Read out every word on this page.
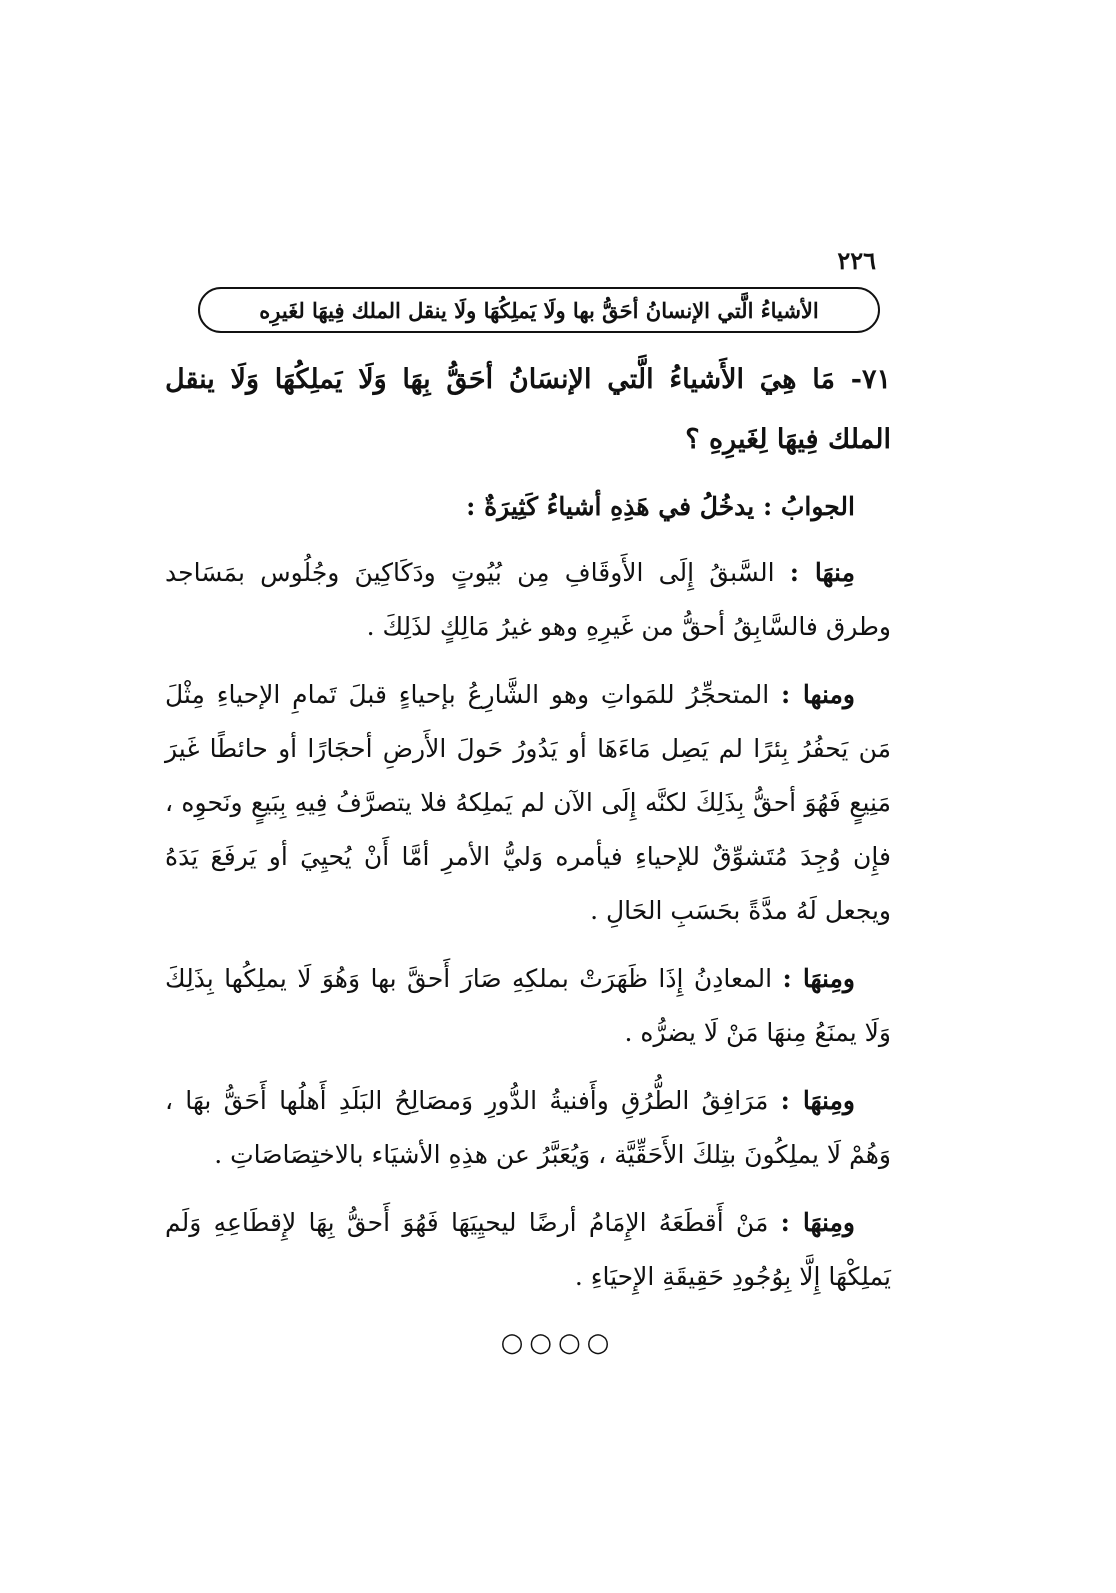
٢٢٦
الأشياءُ الَّتي الإنسانُ أحَقُّ بها ولَا يَملِكُهَا ولَا ينقل الملك فِيهَا لغَيرِه

٧١- مَا هِيَ الأَشياءُ الَّتي الإنسَانُ أحَقُّ بِهَا وَلَا يَملِكُهَا وَلَا ينقل الملك فِيهَا لِغَيرِهِ ؟

الجوابُ : يدخُلُ في هَذِهِ أشياءُ كَثِيرَةٌ :

مِنهَا : السَّبقُ إِلَى الأَوقَافِ مِن بُيُوتٍ ودَكَاكِينَ وجُلُوس بمَسَاجد وطرق فالسَّابِقُ أحقُّ من غَيرِهِ وهو غيرُ مَالِكٍ لذَلِكَ .

ومنها : المتحجِّرُ للمَواتِ وهو الشَّارِعُ بإحياءٍ قبلَ تَمامِ الإحياءِ مِثْلَ مَن يَحفُرُ بِئرًا لم يَصِل مَاءَهَا أو يَدُورُ حَولَ الأَرضِ أحجَارًا أو حائطًا غَيرَ مَنِيعٍ فَهُوَ أحقُّ بِذَلِكَ لكنَّه إِلَى الآن لم يَملِكهُ فلا يتصرَّفُ فِيهِ بِبَيعٍ ونَحوِه ، فإِن وُجِدَ مُتَشوِّقٌ للإحياءِ فيأمره وَليُّ الأمرِ أمَّا أَنْ يُحيِيَ أو يَرفَعَ يَدَهُ ويجعل لَهُ مدَّةً بحَسَبِ الحَالِ .

ومِنهَا : المعادِنُ إِذَا ظَهَرَتْ بملكِهِ صَارَ أَحقَّ بها وَهُوَ لَا يملِكُها بِذَلِكَ وَلَا يمنَعُ مِنهَا مَنْ لَا يضرُّه .

ومِنهَا : مَرَافِقُ الطُّرُقِ وأَفنيةُ الدُّورِ وَمصَالِحُ البَلَدِ أَهلُها أَحَقُّ بهَا ، وَهُمْ لَا يملِكُونَ بتِلكَ الأَحَقِّيَّة ، وَيُعَبَّرُ عن هذِهِ الأشيَاء بالاختِصَاصَاتِ .

ومِنهَا : مَنْ أَقطَعَهُ الإِمَامُ أرضًا ليحيِيَهَا فَهُوَ أَحقُّ بِهَا لإِقطَاعِهِ وَلَم يَملِكْهَا إِلَّا بِوُجُودِ حَقِيقَةِ الإِحيَاءِ .

○○○○
